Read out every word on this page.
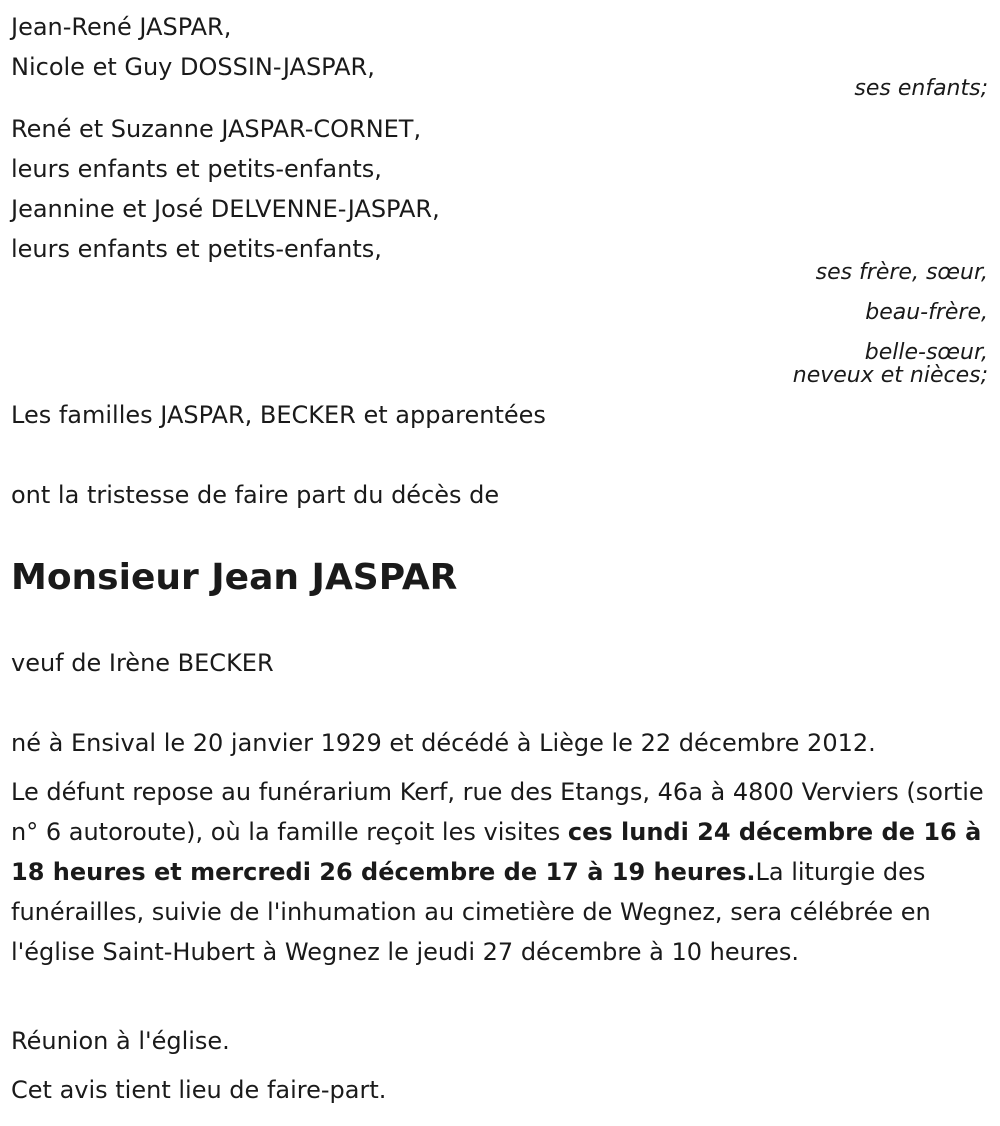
Jean-René JASPAR,
Nicole et Guy DOSSIN-JASPAR,
ses enfants;
René et Suzanne JASPAR-CORNET,
leurs enfants et petits-enfants,
Jeannine et José DELVENNE-JASPAR,
leurs enfants et petits-enfants,
ses frère, sœur,
beau-frère,
belle-sœur,
neveux et nièces;
Les familles JASPAR, BECKER et apparentées
ont la tristesse de faire part du décès de
Monsieur Jean JASPAR
veuf de Irène BECKER
né à Ensival le 20 janvier 1929 et décédé à Liège le 22 décembre 2012.
Le défunt repose au funérarium Kerf, rue des Etangs, 46a à 4800 Verviers (sortie n° 6 autoroute), où la famille reçoit les visites ces lundi 24 décembre de 16 à 18 heures et mercredi 26 décembre de 17 à 19 heures.La liturgie des funérailles, suivie de l'inhumation au cimetière de Wegnez, sera célébrée en l'église Saint-Hubert à Wegnez le jeudi 27 décembre à 10 heures.
Réunion à l'église.
Cet avis tient lieu de faire-part.
